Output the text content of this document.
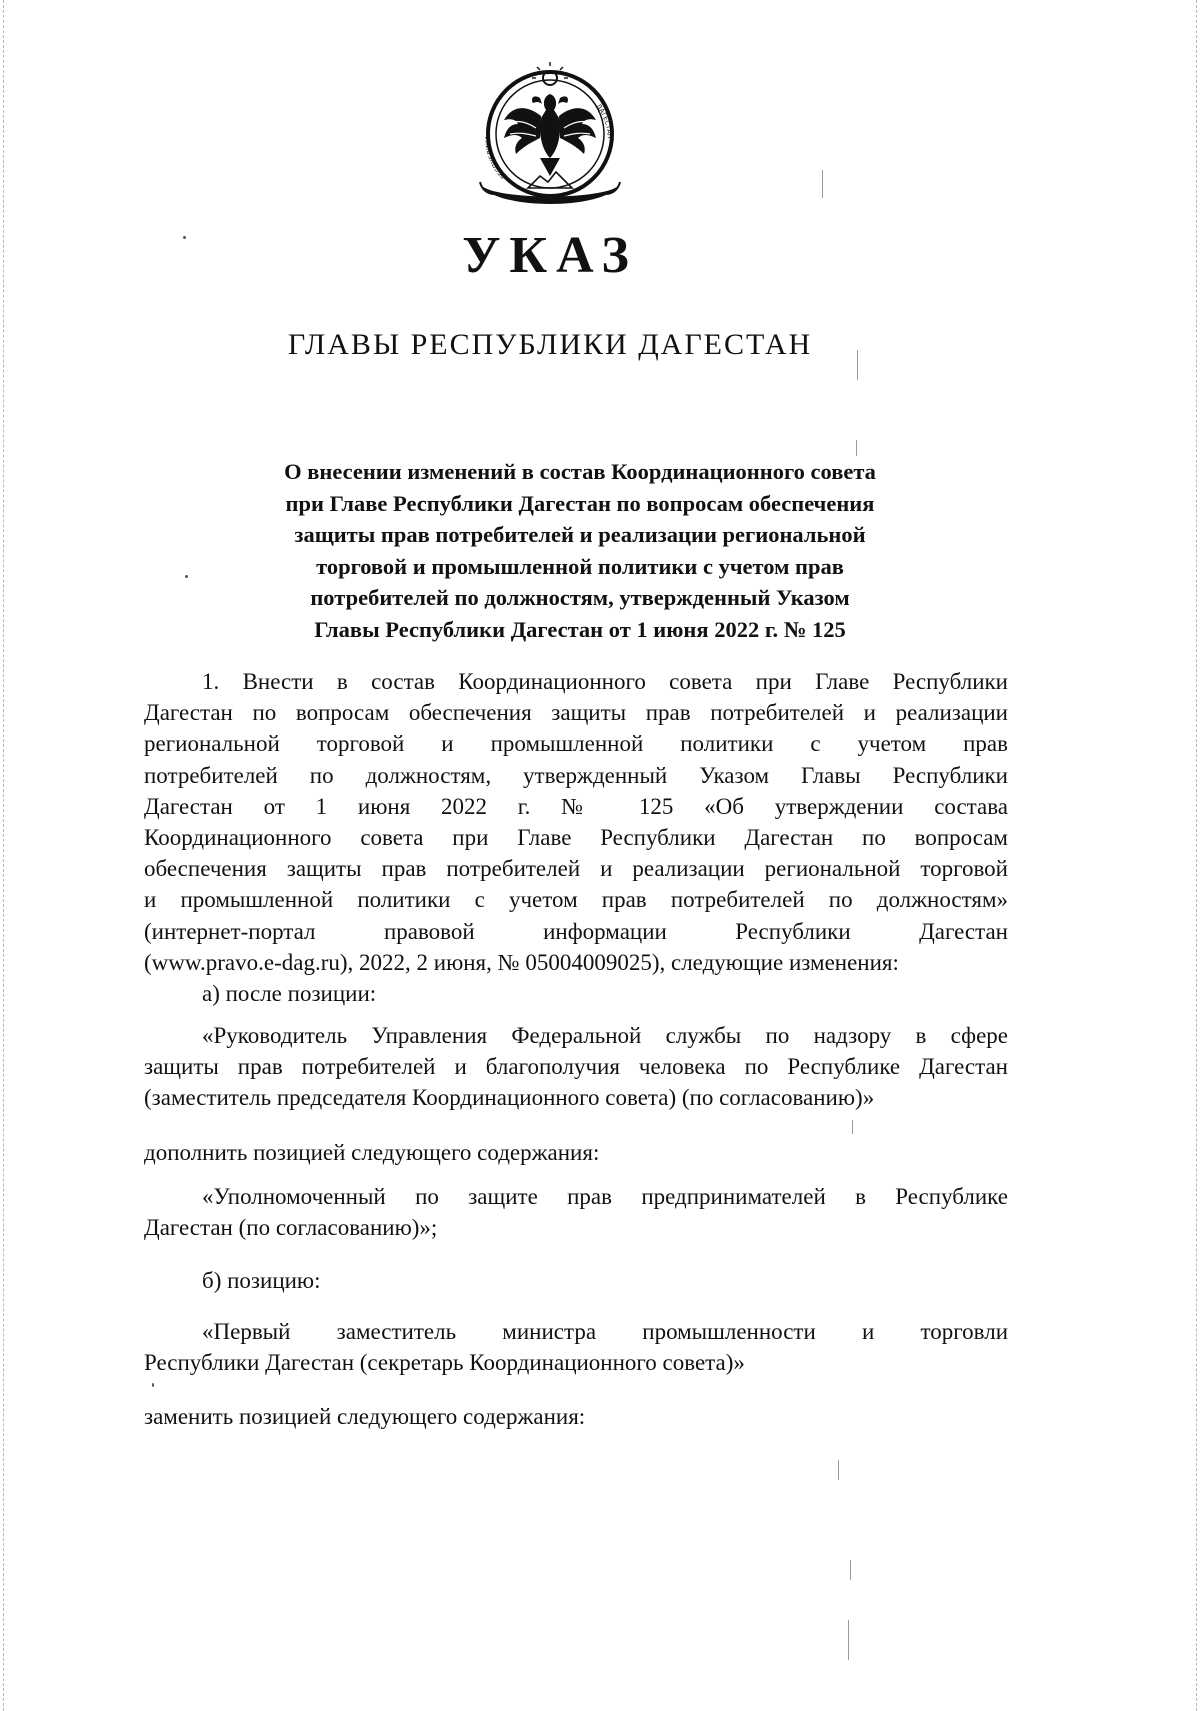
РЕСПУБЛИКА
ДАГЕСТАН
УКАЗ
ГЛАВЫ РЕСПУБЛИКИ ДАГЕСТАН
О внесении изменений в состав Координационного совета
при Главе Республики Дагестан по вопросам обеспечения
защиты прав потребителей и реализации региональной
торговой и промышленной политики с учетом прав
потребителей по должностям, утвержденный Указом
Главы Республики Дагестан от 1 июня 2022 г. № 125

1. Внести в состав Координационного совета при Главе Республики

Дагестан по вопросам обеспечения защиты прав потребителей и реализации

региональной торговой и промышленной политики с учетом прав

потребителей по должностям, утвержденный Указом Главы Республики

Дагестан от 1 июня 2022 г. № 125 «Об утверждении состава

Координационного совета при Главе Республики Дагестан по вопросам

обеспечения защиты прав потребителей и реализации региональной торговой

и промышленной политики с учетом прав потребителей по должностям»

(интернет-портал правовой информации Республики Дагестан

(www.pravo.e-dag.ru), 2022, 2 июня, № 05004009025), следующие изменения:

а) после позиции:

«Руководитель Управления Федеральной службы по надзору в сфере

защиты прав потребителей и благополучия человека по Республике Дагестан

(заместитель председателя Координационного совета) (по согласованию)»

дополнить позицией следующего содержания:

«Уполномоченный по защите прав предпринимателей в Республике

Дагестан (по согласованию)»;

б) позицию:

«Первый заместитель министра промышленности и торговли

Республики Дагестан (секретарь Координационного совета)»

заменить позицией следующего содержания:
